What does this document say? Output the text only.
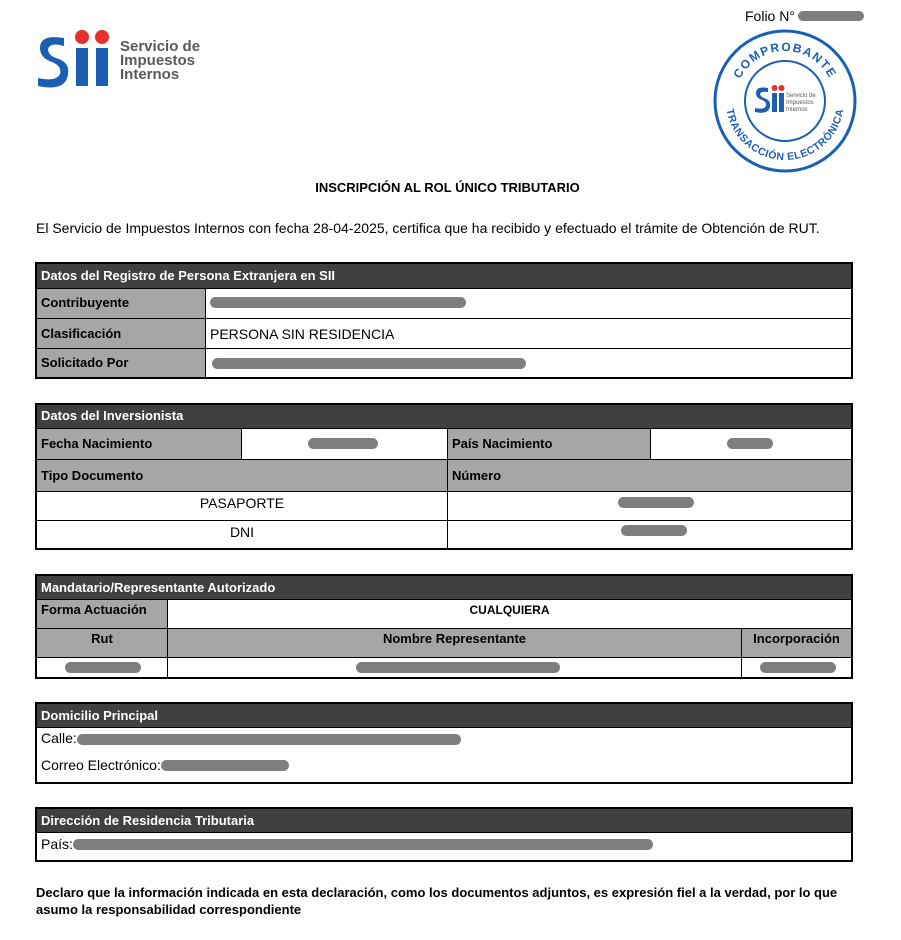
Folio N°
Servicio de
Impuestos
Internos	COMPROBANTE
TRANSACCIÓN ELECTRÓNICA
Servicio de
Impuestos
Internos
INSCRIPCIÓN AL ROL ÚNICO TRIBUTARIO
El Servicio de Impuestos Internos con fecha 28-04-2025, certifica que ha recibido y efectuado el trámite de Obtención de RUT.
Datos del Registro de Persona Extranjera en SII
Contribuyente
Clasificación	PERSONA SIN RESIDENCIA
Solicitado Por
Datos del Inversionista
Fecha Nacimiento	País Nacimiento
Tipo Documento	Número
PASAPORTE
DNI
Mandatario/Representante Autorizado
Forma Actuación	CUALQUIERA
Rut	Nombre Representante	Incorporación
Domicilio Principal
Calle:
Correo Electrónico:
Dirección de Residencia Tributaria
País:
Declaro que la información indicada en esta declaración, como los documentos adjuntos, es expresión fiel a la verdad, por lo que asumo la responsabilidad correspondiente
